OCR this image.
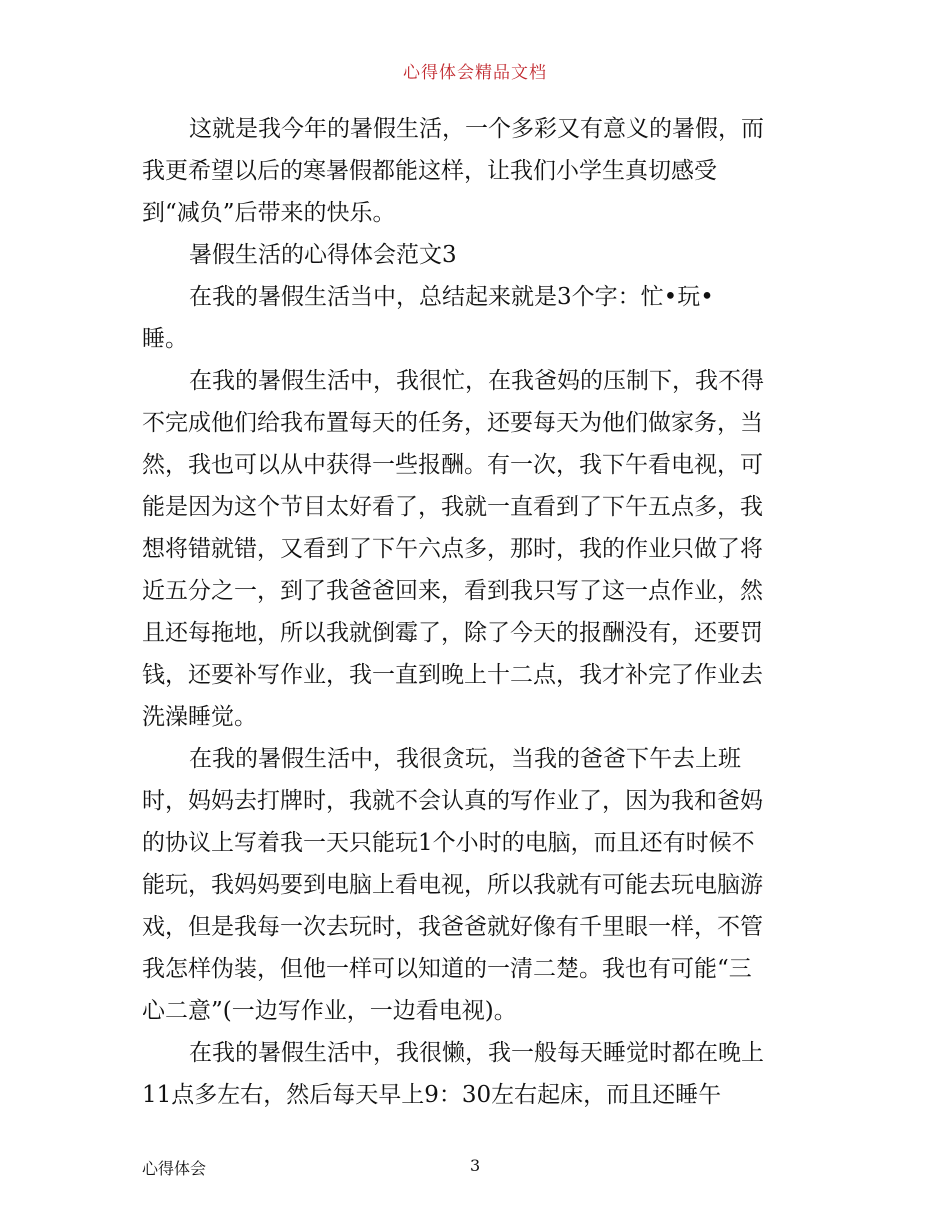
心得体会精品文档
这就是我今年的暑假生活，一个多彩又有意义的暑假，而
我更希望以后的寒暑假都能这样，让我们小学生真切感受
到“减负”后带来的快乐。
暑假生活的心得体会范文3
在我的暑假生活当中，总结起来就是3个字：忙•玩•
睡。
在我的暑假生活中，我很忙，在我爸妈的压制下，我不得
不完成他们给我布置每天的任务，还要每天为他们做家务，当
然，我也可以从中获得一些报酬。有一次，我下午看电视，可
能是因为这个节目太好看了，我就一直看到了下午五点多，我
想将错就错，又看到了下午六点多，那时，我的作业只做了将
近五分之一，到了我爸爸回来，看到我只写了这一点作业，然
且还每拖地，所以我就倒霉了，除了今天的报酬没有，还要罚
钱，还要补写作业，我一直到晚上十二点，我才补完了作业去
洗澡睡觉。
在我的暑假生活中，我很贪玩，当我的爸爸下午去上班
时，妈妈去打牌时，我就不会认真的写作业了，因为我和爸妈
的协议上写着我一天只能玩1个小时的电脑，而且还有时候不
能玩，我妈妈要到电脑上看电视，所以我就有可能去玩电脑游
戏，但是我每一次去玩时，我爸爸就好像有千里眼一样，不管
我怎样伪装，但他一样可以知道的一清二楚。我也有可能“三
心二意”(一边写作业，一边看电视)。
在我的暑假生活中，我很懒，我一般每天睡觉时都在晚上
11点多左右，然后每天早上9：30左右起床，而且还睡午
心得体会	3
